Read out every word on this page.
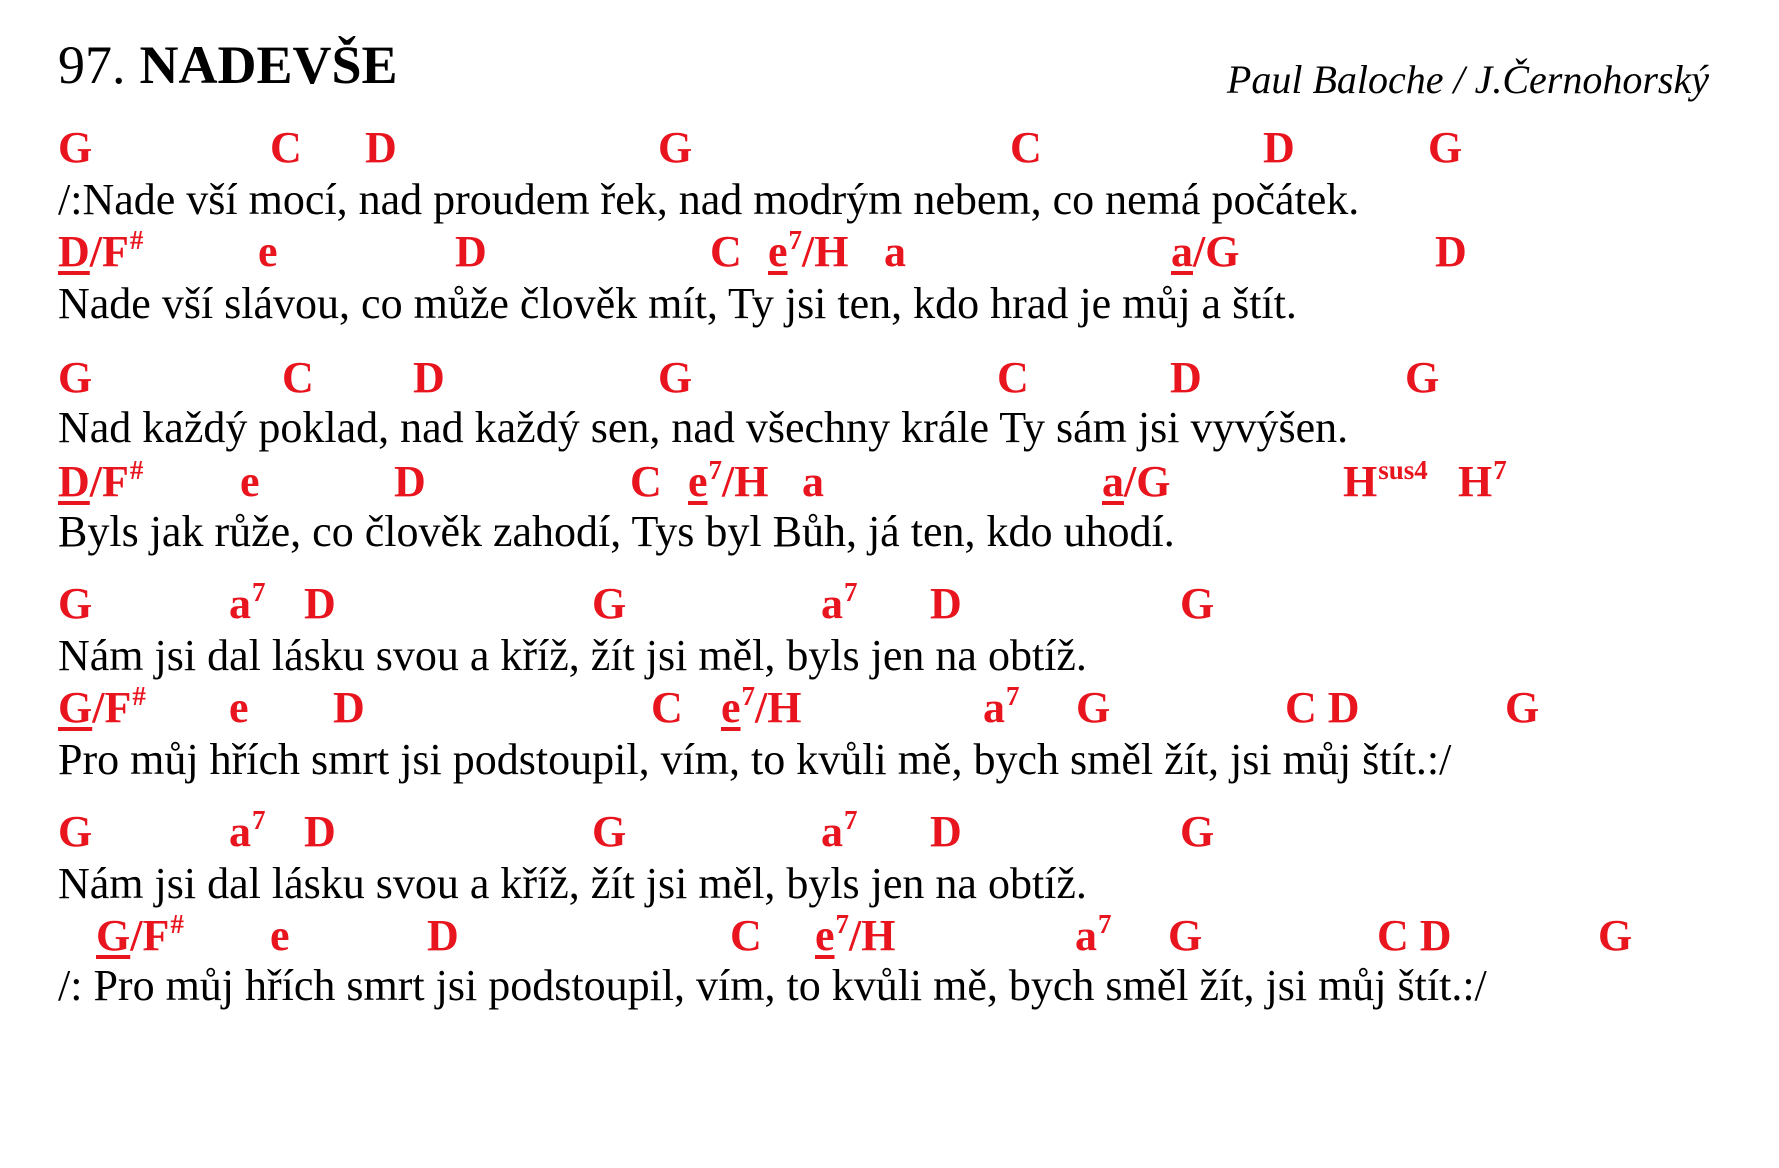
97. NADEVŠE	Paul Baloche / J.Černohorský
G	C D	G	C	D	G
/:Nade vší mocí, nad proudem řek, nad modrým nebem, co nemá počátek.
D/F#	e	D	C $e^7/H$ a	a/G	D
Nade vší slávou, co může člověk mít, Ty jsi ten, kdo hrad je můj a štít.
G	C D	G	C	D	G
Nad každý poklad, nad každý sen, nad všechny krále Ty sám jsi vyvýšen.
D/F# e	D	C $e^7/H$ a	a/G	$H^{sus4}$ $H^7$
Byls jak růže, co člověk zahodí, Tys byl Bůh, já ten, kdo uhodí.
G	$a^7$ D	G	$a^7$ D	G
Nám jsi dal lásku svou a kříž, žít jsi měl, byls jen na obtíž.
G/F# e D	C $e^7/H$	$a^7$ G	C D	G
Pro můj hřích smrt jsi podstoupil, vím, to kvůli mě, bych směl žít, jsi můj štít.:/
G	$a^7$ D	G	$a^7$ D	G
Nám jsi dal lásku svou a kříž, žít jsi měl, byls jen na obtíž.
G/F# e	D	C $e^7/H$	$a^7$ G	C D	G
/: Pro můj hřích smrt jsi podstoupil, vím, to kvůli mě, bych směl žít, jsi můj štít.:/
